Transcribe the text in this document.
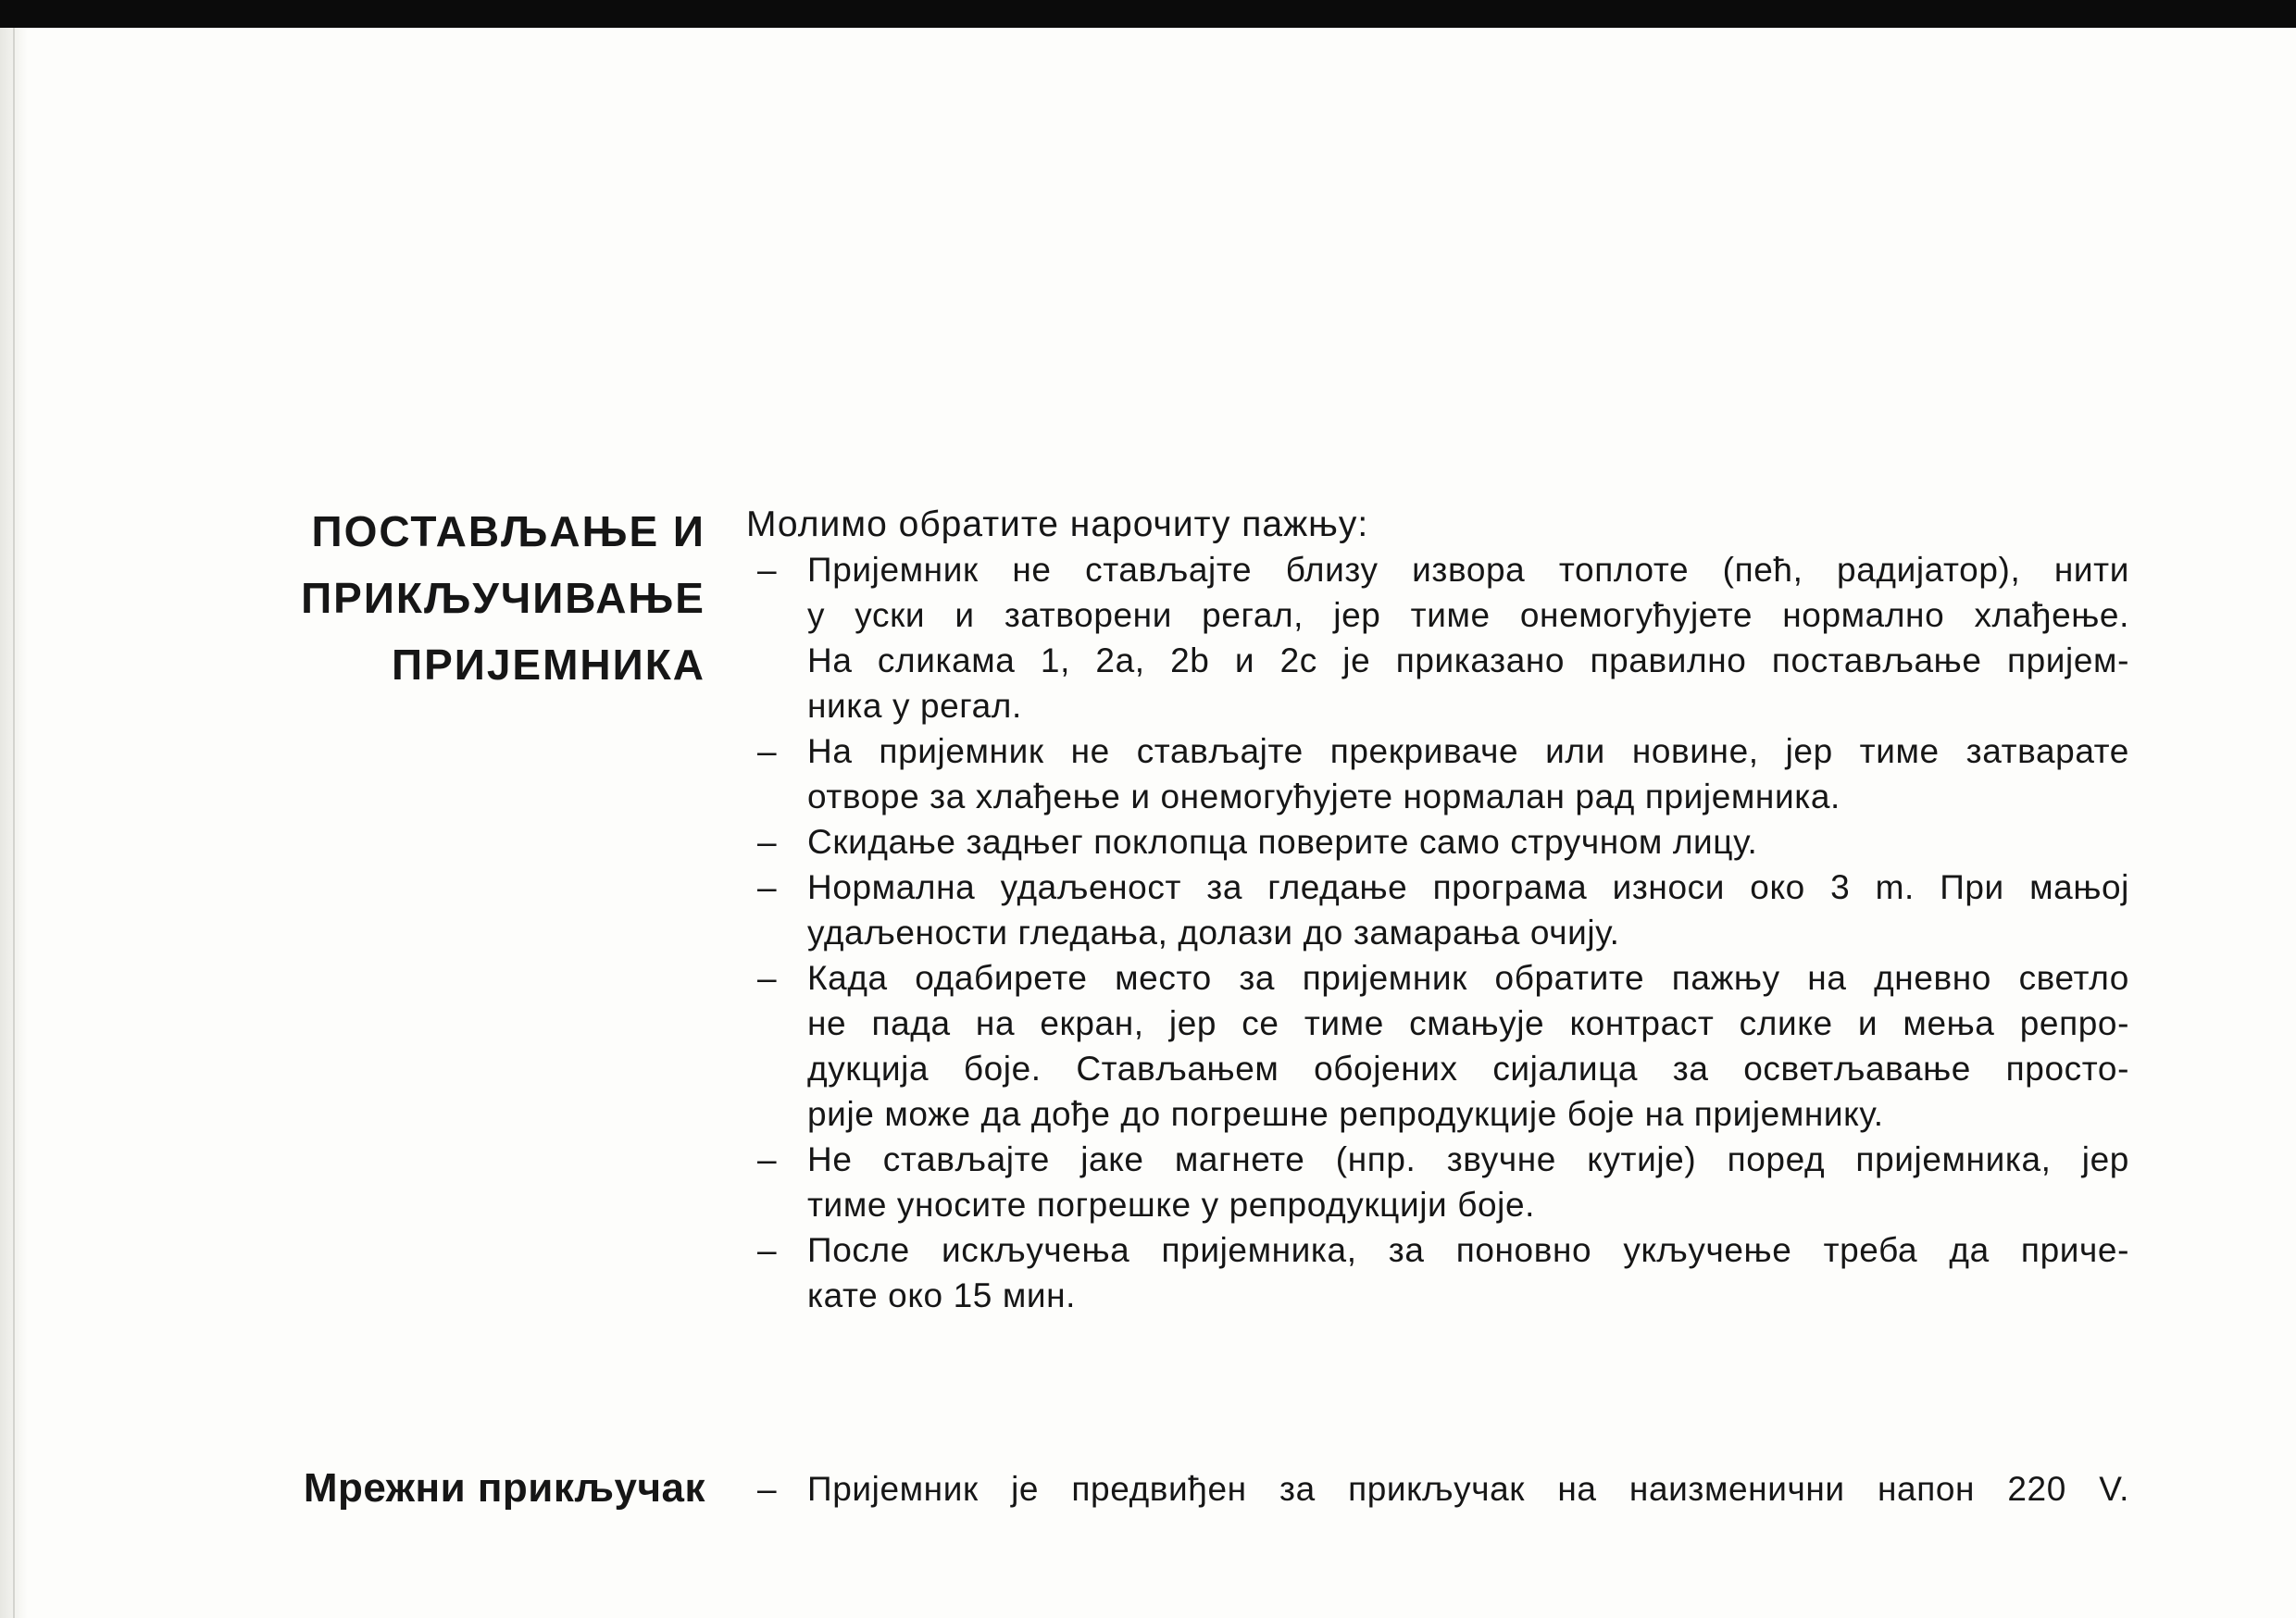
ПОСТАВЉАЊЕ И
ПРИКЉУЧИВАЊЕ
ПРИЈЕМНИКА

Молимо обратите нарочиту пажњу:

– Пријемник не стављајте близу извора топлоте (пећ, радијатор), нити
у уски и затворени регал, јер тиме онемогућујете нормално хлађење.
На сликама 1, 2а, 2b и 2с је приказано правилно постављање пријем-
ника у регал.
– На пријемник не стављајте прекриваче или новине, јер тиме затварате
отворе за хлађење и онемогућујете нормалан рад пријемника.
– Скидање задњег поклопца поверите само стручном лицу.
– Нормална удаљеност за гледање програма износи око 3 m. При мањој
удаљености гледања, долази до замарања очију.
– Када одабирете место за пријемник обратите пажњу на дневно светло
не пада на екран, јер се тиме смањује контраст слике и мења репро-
дукција боје. Стављањем обојених сијалица за осветљавање просто-
рије може да дође до погрешне репродукције боје на пријемнику.
– Не стављајте јаке магнете (нпр. звучне кутије) поред пријемника, јер
тиме уносите погрешке у репродукцији боје.
– После искључења пријемника, за поновно укључење треба да приче-
кате око 15 мин.
Мрежни прикључак – Пријемник је предвиђен за прикључак на наизменични напон 220 V.
